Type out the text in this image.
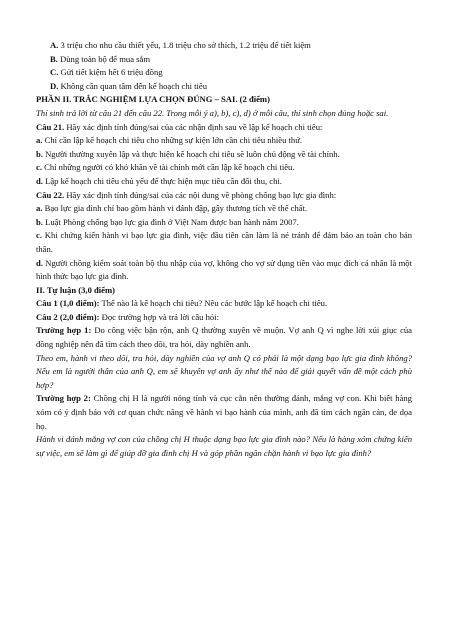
A. 3 triệu cho nhu cầu thiết yếu, 1.8 triệu cho sở thích, 1.2 triệu để tiết kiệm
B. Dùng toàn bộ để mua sắm
C. Gửi tiết kiệm hết 6 triệu đồng
D. Không cần quan tâm đến kế hoạch chi tiêu

PHẦN II. TRẮC NGHIỆM LỰA CHỌN ĐÚNG – SAI. (2 điểm)

Thí sinh trả lời từ câu 21 đến câu 22. Trong mỗi ý a), b), c), d) ở mỗi câu, thí sinh chọn đúng hoặc sai.

Câu 21. Hãy xác định tính đúng/sai của các nhận định sau về lập kế hoạch chi tiêu:

a. Chỉ cần lập kế hoạch chi tiêu cho những sự kiện lớn cần chi tiêu nhiều thứ.

b. Người thường xuyên lập và thực hiện kế hoạch chi tiêu sẽ luôn chủ động về tài chính.

c. Chỉ những người có khó khăn về tài chính mới cần lập kế hoạch chi tiêu.

d. Lập kế hoạch chi tiêu chủ yếu để thực hiện mục tiêu cần đối thu, chi.

Câu 22. Hãy xác định tính đúng/sai của các nội dung về phòng chống bạo lực gia đình:

a. Bạo lực gia đình chỉ bao gồm hành vi đánh đập, gây thương tích về thể chất.

b. Luật Phòng chống bạo lực gia đình ở Việt Nam được ban hành năm 2007.

c. Khi chứng kiến hành vi bạo lực gia đình, việc đầu tiên cần làm là né tránh để đảm bảo an toàn cho bản thân.

d. Người chồng kiểm soát toàn bộ thu nhập của vợ, không cho vợ sử dụng tiền vào mục đích cá nhân là một hình thức bạo lực gia đình.

II. Tự luận (3,0 điểm)

Câu 1 (1,0 điểm): Thế nào là kế hoạch chi tiêu? Nêu các bước lập kế hoạch chi tiêu.

Câu 2 (2,0 điểm): Đọc trường hợp và trả lời câu hỏi:

Trường hợp 1: Do công việc bận rộn, anh Q thường xuyên về muộn. Vợ anh Q vì nghe lời xúi giục của đồng nghiệp nên đã tìm cách theo dõi, tra hỏi, dày nghiền anh.

Theo em, hành vi theo dõi, tra hỏi, dày nghiền của vợ anh Q có phải là một dạng bạo lực gia đình không? Nếu em là người thân của anh Q, em sẽ khuyên vợ anh ấy như thế nào để giải quyết vấn đề một cách phù hợp?

Trường hợp 2: Chồng chị H là người nóng tính và cục cằn nên thường đánh, mắng vợ con. Khi biết hàng xóm có ý định báo với cơ quan chức năng về hành vi bạo hành của mình, anh đã tìm cách ngăn cản, đe dọa họ.

Hành vi đánh mắng vợ con của chồng chị H thuộc dạng bạo lực gia đình nào? Nếu là hàng xóm chứng kiến sự việc, em sẽ làm gì để giúp đỡ gia đình chị H và góp phần ngăn chặn hành vi bạo lực gia đình?
